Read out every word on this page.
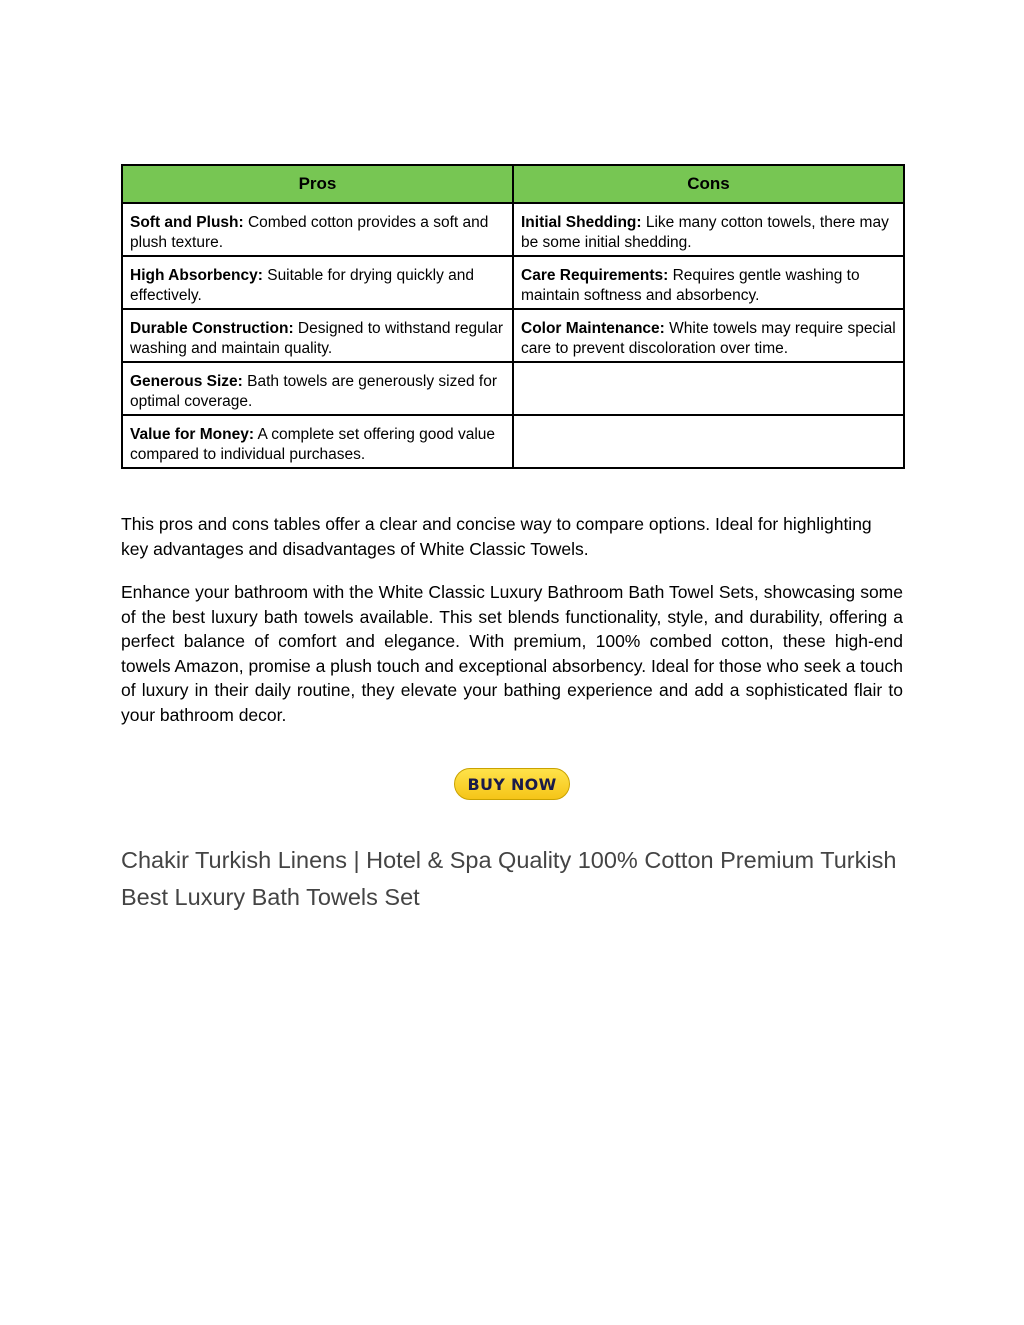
Pros	Cons
Soft and Plush: Combed cotton provides a soft and plush texture.	Initial Shedding: Like many cotton towels, there may be some initial shedding.
High Absorbency: Suitable for drying quickly and effectively.	Care Requirements: Requires gentle washing to maintain softness and absorbency.
Durable Construction: Designed to withstand regular washing and maintain quality.	Color Maintenance: White towels may require special care to prevent discoloration over time.
Generous Size: Bath towels are generously sized for optimal coverage.	
Value for Money: A complete set offering good value compared to individual purchases.	

This pros and cons tables offer a clear and concise way to compare options. Ideal for highlighting key advantages and disadvantages of White Classic Towels.

Enhance your bathroom with the White Classic Luxury Bathroom Bath Towel Sets, showcasing some of the best luxury bath towels available. This set blends functionality, style, and durability, offering a perfect balance of comfort and elegance. With premium, 100% combed cotton, these high-end towels Amazon, promise a plush touch and exceptional absorbency. Ideal for those who seek a touch of luxury in their daily routine, they elevate your bathing experience and add a sophisticated flair to your bathroom decor.

BUY NOW
Chakir Turkish Linens | Hotel & Spa Quality 100% Cotton Premium Turkish Best Luxury Bath Towels Set
